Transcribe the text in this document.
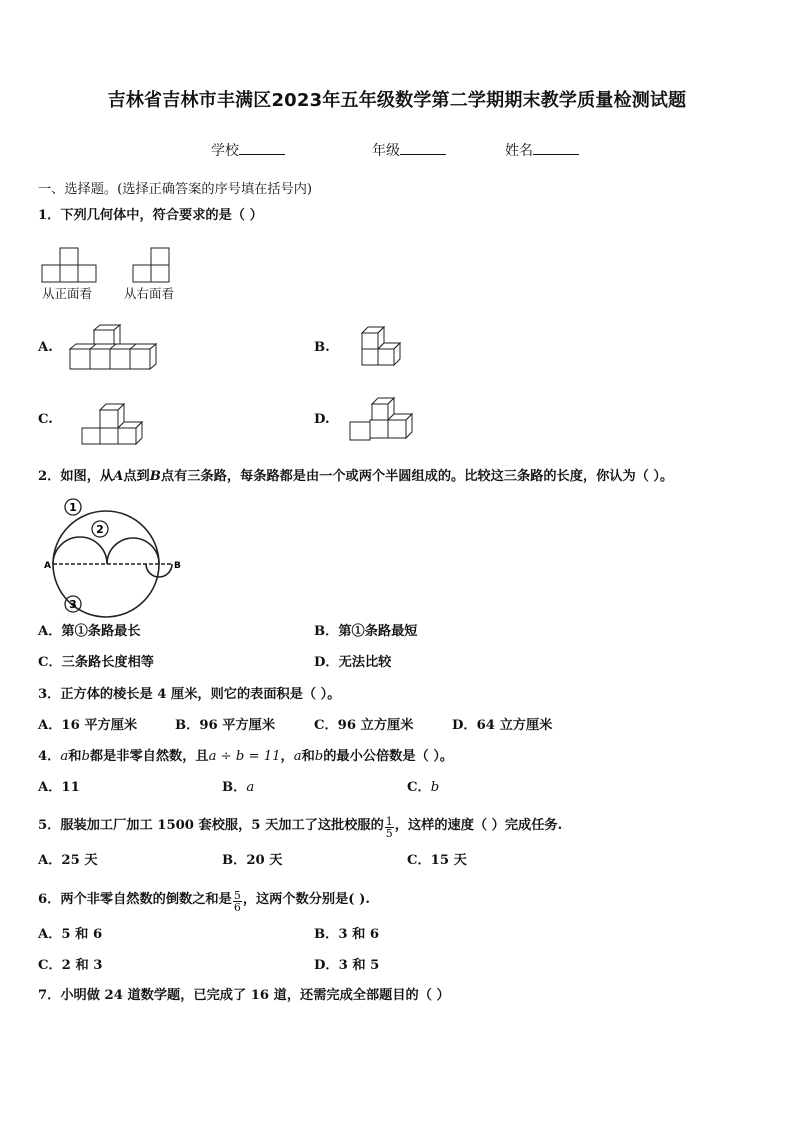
吉林省吉林市丰满区2023年五年级数学第二学期期末教学质量检测试题
学校	年级	姓名
一、选择题。(选择正确答案的序号填在括号内)
1．下列几何体中，符合要求的是（ ）
从正面看	从右面看
A.	B.
C.	D.
2．如图，从A点到B点有三条路，每条路都是由一个或两个半圆组成的。比较这三条路的长度，你认为（ ）。
1
2
3
A	B
A．第①条路最长	B．第①条路最短
C．三条路长度相等	D．无法比较
3．正方体的棱长是 4 厘米，则它的表面积是（ ）。
A．16 平方厘米	B．96 平方厘米	C．96 立方厘米	D．64 立方厘米
4．a和b都是非零自然数，且a ÷ b = 11，a和b的最小公倍数是（ ）。
A．11	B．a	C．b
5．服装加工厂加工 1500 套校服，5 天加工了这批校服的 $\frac{1}{5}$ ，这样的速度（ ）完成任务.
A．25 天	B．20 天	C．15 天
6．两个非零自然数的倒数之和是 $\frac{5}{6}$ ，这两个数分别是( ).
A．5 和 6	B．3 和 6
C．2 和 3	D．3 和 5
7．小明做 24 道数学题，已完成了 16 道，还需完成全部题目的（ ）
